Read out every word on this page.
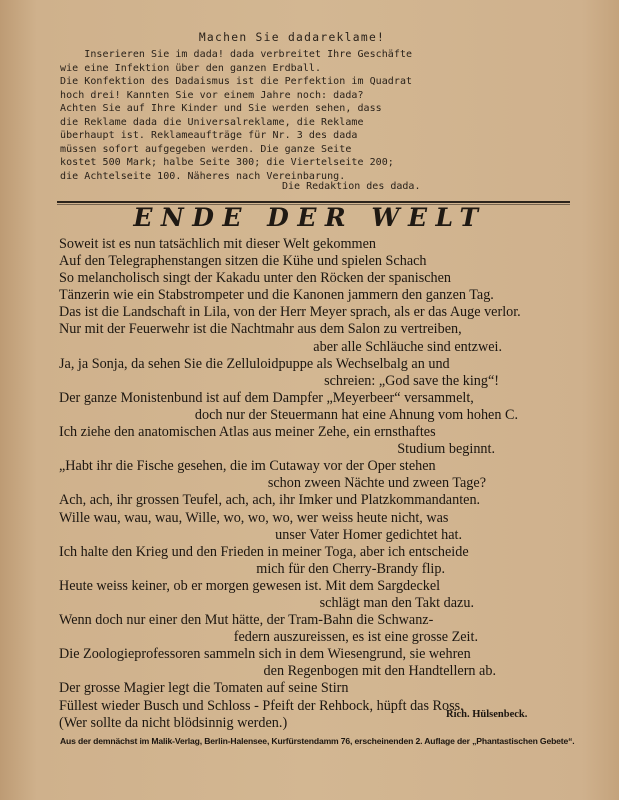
Machen Sie dadareklame!
Inserieren Sie im dada! dada verbreitet Ihre Geschäfte
wie eine Infektion über den ganzen Erdball.
Die Konfektion des Dadaismus ist die Perfektion im Quadrat
hoch drei! Kannten Sie vor einem Jahre noch: dada?
Achten Sie auf Ihre Kinder und Sie werden sehen, dass
die Reklame dada die Universalreklame, die Reklame
überhaupt ist. Reklameaufträge für Nr. 3 des dada
müssen sofort aufgegeben werden. Die ganze Seite
kostet 500 Mark; halbe Seite 300; die Viertelseite 200;
die Achtelseite 100. Näheres nach Vereinbarung.
Die Redaktion des dada.
ENDE DER WELT
Soweit ist es nun tatsächlich mit dieser Welt gekommen
Auf den Telegraphenstangen sitzen die Kühe und spielen Schach
So melancholisch singt der Kakadu unter den Röcken der spanischen
Tänzerin wie ein Stabstrompeter und die Kanonen jammern den ganzen Tag.
Das ist die Landschaft in Lila, von der Herr Meyer sprach, als er das Auge verlor.
Nur mit der Feuerwehr ist die Nachtmahr aus dem Salon zu vertreiben,
aber alle Schläuche sind entzwei.
Ja, ja Sonja, da sehen Sie die Zelluloidpuppe als Wechselbalg an und
schreien: „God save the king“!
Der ganze Monistenbund ist auf dem Dampfer „Meyerbeer“ versammelt,
doch nur der Steuermann hat eine Ahnung vom hohen C.
Ich ziehe den anatomischen Atlas aus meiner Zehe, ein ernsthaftes
Studium beginnt.
„Habt ihr die Fische gesehen, die im Cutaway vor der Oper stehen
schon zween Nächte und zween Tage?
Ach, ach, ihr grossen Teufel, ach, ach, ihr Imker und Platzkommandanten.
Wille wau, wau, wau, Wille, wo, wo, wo, wer weiss heute nicht, was
unser Vater Homer gedichtet hat.
Ich halte den Krieg und den Frieden in meiner Toga, aber ich entscheide
mich für den Cherry-Brandy flip.
Heute weiss keiner, ob er morgen gewesen ist. Mit dem Sargdeckel
schlägt man den Takt dazu.
Wenn doch nur einer den Mut hätte, der Tram-Bahn die Schwanz-
federn auszureissen, es ist eine grosse Zeit.
Die Zoologieprofessoren sammeln sich in dem Wiesengrund, sie wehren
den Regenbogen mit den Handtellern ab.
Der grosse Magier legt die Tomaten auf seine Stirn
Füllest wieder Busch und Schloss - Pfeift der Rehbock, hüpft das Ross.
(Wer sollte da nicht blödsinnig werden.)
Rich. Hülsenbeck.
Aus der demnächst im Malik-Verlag, Berlin-Halensee, Kurfürstendamm 76, erscheinenden 2. Auflage der „Phantastischen Gebete“.
